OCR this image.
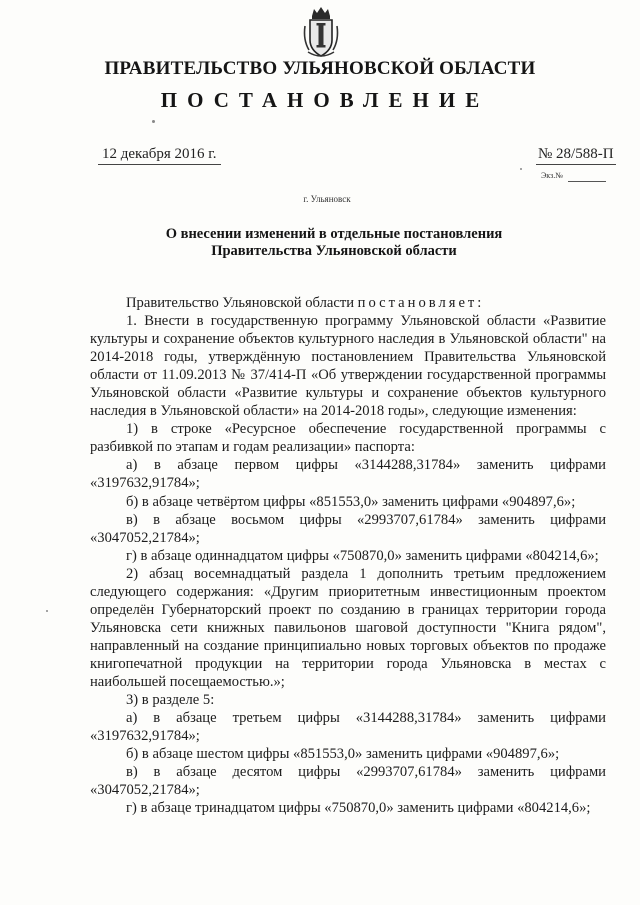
ПРАВИТЕЛЬСТВО УЛЬЯНОВСКОЙ ОБЛАСТИ
ПОСТАНОВЛЕНИЕ
12 декабря 2016 г.	№ 28/588-П
Экз.№
г. Ульяновск
О внесении изменений в отдельные постановления
Правительства Ульяновской области

Правительство Ульяновской области постановляет:

1. Внести в государственную программу Ульяновской области «Развитие культуры и сохранение объектов культурного наследия в Ульяновской области" на 2014-2018 годы, утверждённую постановлением Правительства Ульяновской области от 11.09.2013 № 37/414-П «Об утверждении государственной программы Ульяновской области «Развитие культуры и сохранение объектов культурного наследия в Ульяновской области» на 2014-2018 годы», следующие изменения:

1) в строке «Ресурсное обеспечение государственной программы с разбивкой по этапам и годам реализации» паспорта:

а) в абзаце первом цифры «3144288,31784» заменить цифрами «3197632,91784»;

б) в абзаце четвёртом цифры «851553,0» заменить цифрами «904897,6»;

в) в абзаце восьмом цифры «2993707,61784» заменить цифрами «3047052,21784»;

г) в абзаце одиннадцатом цифры «750870,0» заменить цифрами «804214,6»;

2) абзац восемнадцатый раздела 1 дополнить третьим предложением следующего содержания: «Другим приоритетным инвестиционным проектом определён Губернаторский проект по созданию в границах территории города Ульяновска сети книжных павильонов шаговой доступности "Книга рядом", направленный на создание принципиально новых торговых объектов по продаже книгопечатной продукции на территории города Ульяновска в местах с наибольшей посещаемостью.»;

3) в разделе 5:

а) в абзаце третьем цифры «3144288,31784» заменить цифрами «3197632,91784»;

б) в абзаце шестом цифры «851553,0» заменить цифрами «904897,6»;

в) в абзаце десятом цифры «2993707,61784» заменить цифрами «3047052,21784»;

г) в абзаце тринадцатом цифры «750870,0» заменить цифрами «804214,6»;
